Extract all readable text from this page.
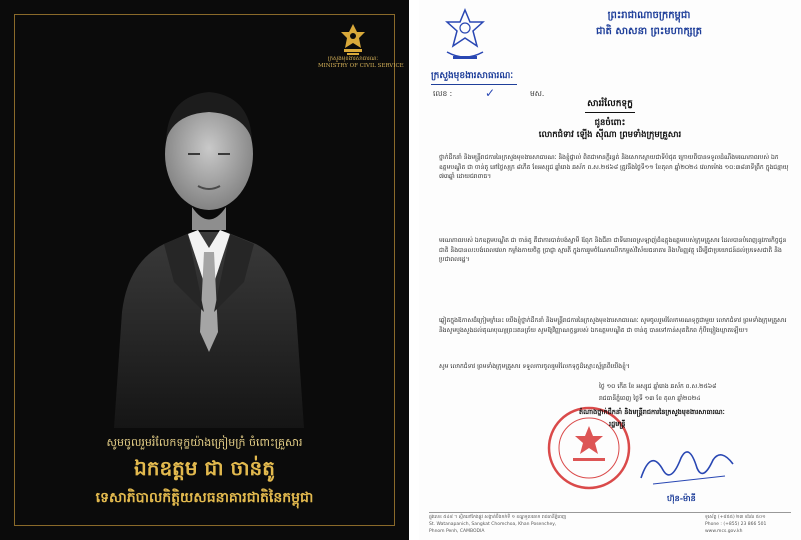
ក្រសួងមុខងារសាធារណៈ
MINISTRY OF CIVIL SERVICE
សូមចូលរួមរំលែកទុក្ខយ៉ាងក្រៀមក្រំ ចំពោះគ្រួសារ
ឯកឧត្តម ជា ចាន់តូ
ទេសាភិបាលកិត្តិយសធនាគារជាតិនៃកម្ពុជា
ព្រះរាជាណាចក្រកម្ពុជា
ជាតិ សាសនា ព្រះមហាក្សត្រ
ក្រសួងមុខងារសាធារណៈ
លេខ :	✓	មស.
សាររំលែកទុក្ខ
ជូនចំពោះ
លោកជំទាវ ឡេីង ស៊ីណា ព្រមទាំងក្រុមគ្រួសារ

ថ្នាក់ដឹកនាំ និងមន្ត្រីរាជការនៃក្រសួងមុខងារសាធារណៈ និងខ្ញុំផ្ទាល់ ពិតជាមានក្តីរន្ធត់ និងសោកស្តាយជាទីបំផុត ក្រោយពីបានទទួលដំណឹងមរណភាពរបស់ ឯកឧត្តមបណ្ឌិត ជា ចាន់តូ នៅថ្ងៃសុក្រ ៨កើត ខែអស្សុជ ឆ្នាំរោង ឆស័ក ព.ស.២៥៦៨ ត្រូវនឹងថ្ងៃទី១១ ខែតុលា ឆ្នាំ២០២៤ វេលាម៉ោង ១០:៣៨នាទីព្រឹក ក្នុងជន្មាយុ ៧៣ឆ្នាំ ដោយជរាពាធ។

មរណភាពរបស់ ឯកឧត្តមបណ្ឌិត ជា ចាន់តូ គឺជាការបាត់បង់ស្វាមី ឪពុក និងជីតា ជាទីគោរពស្រឡាញ់ដ៏ឧត្តុងឧត្តមរបស់ក្រុមគ្រួសារ ដែលបានបំពេញនូវភារកិច្ចជូនជាតិ និងបានលះបង់ពេលវេលា កម្លាំងកាយចិត្ត ប្រាជ្ញា ស្មារតី ក្នុងការរួមចំណែកលើកកម្ពស់វិស័យធនាគារ និងហិរញ្ញវត្ថុ ដើម្បីជាប្រយោជន៍ដល់ប្រទេសជាតិ និងប្រជាពលរដ្ឋ។

ឆ្លៀតក្នុងឱកាសដ៏ក្រៀមក្រំនេះ យើងខ្ញុំថ្នាក់ដឹកនាំ និងមន្ត្រីរាជការនៃក្រសួងមុខងារសាធារណៈ សូមចូលរួមរំលែកមរណទុក្ខជាមួយ លោកជំទាវ ព្រមទាំងក្រុមគ្រួសារ និងសូមបួងសួងដល់គុណបុណ្យព្រះរតនត្រ័យ សូមឱ្យវិញ្ញាណក្ខន្ធរបស់ ឯកឧត្តមបណ្ឌិត ជា ចាន់តូ បានទៅកាន់សុគតិភព កុំបីឃ្លៀងឃ្លាតឡើយ។

សូម លោកជំទាវ ព្រមទាំងក្រុមគ្រួសារ ទទួលការចូលរួមរំលែកទុក្ខដ៏ស្មោះស្ម័គ្រពីយើងខ្ញុំ។

ថ្ងៃ ១០ កើត ខែ អស្សុជ ឆ្នាំរោង ឆស័ក ព.ស.២៥៦៨
រាជធានីភ្នំពេញ ថ្ងៃទី ១៣ ខែ តុលា ឆ្នាំ២០២៤
តំណាងថ្នាក់ដឹកនាំ និងមន្ត្រីរាជការនៃក្រសួងមុខងារសាធារណៈ
រដ្ឋមន្ត្រី
ហ៊ុន-ម៉ានី
ផ្លូវលេខ ៥៤៨ ។ ស្ថិតនៅកែងផ្លូវ សង្កាត់បឹងកក់ទី ១ ខណ្ឌទួលគោក រាជធានីភ្នំពេញ
St. Watanapanich, Sangkat Chomchoa, Khan Posenchey,
Phnom Penh, CAMBODIA
ទូរស័ព្ទ (+៨៥៥) ២៣ ៨៦៦ ៥០១
Phone : (+855) 23 866 501
www.mcs.gov.kh
